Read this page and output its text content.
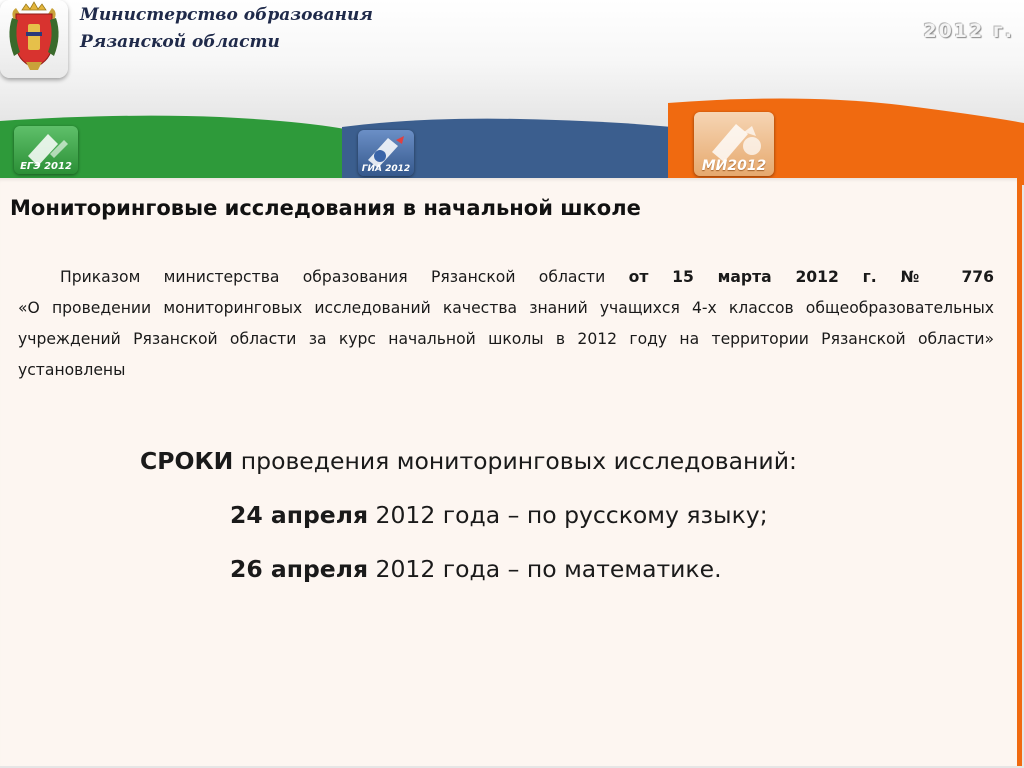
Министерство образования
Рязанской области	2012 г.
ЕГЭ 2012	ГИА 2012	МИ2012
Мониторинговые исследования в начальной школе
Приказом министерства образования Рязанской области от 15 марта 2012 г. № 776
«О проведении мониторинговых исследований качества знаний учащихся 4-х классов общеобразовательных учреждений Рязанской области за курс начальной школы в 2012 году на территории Рязанской области» установлены
СРОКИ проведения мониторинговых исследований:
24 апреля 2012 года – по русскому языку;
26 апреля 2012 года – по математике.
